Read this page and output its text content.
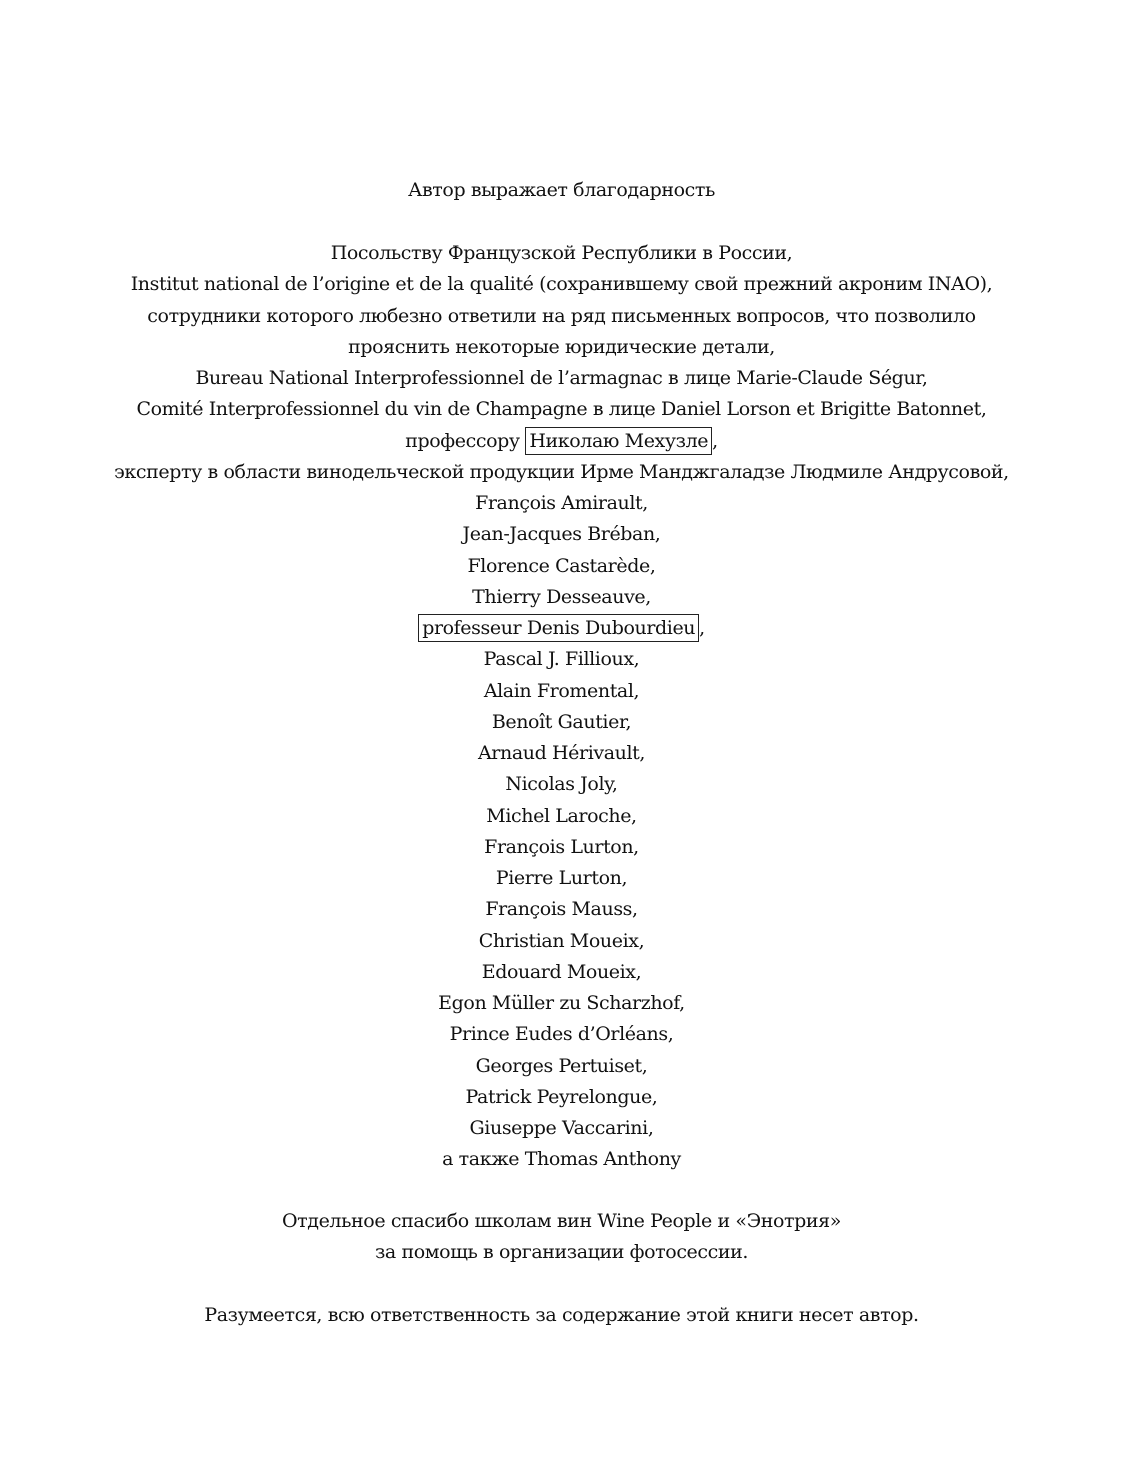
Автор выражает благодарность
Посольству Французской Республики в России,
Institut national de l’origine et de la qualité (сохранившему свой прежний акроним INAO),
сотрудники которого любезно ответили на ряд письменных вопросов, что позволило
прояснить некоторые юридические детали,
Bureau National Interprofessionnel de l’armagnac в лице Marie-Claude Ségur,
Comité Interprofessionnel du vin de Champagne в лице Daniel Lorson et Brigitte Batonnet,
профессору Николаю Мехузле ,
эксперту в области винодельческой продукции Ирме Манджгаладзе Людмиле Андрусовой,
François Amirault,
Jean-Jacques Bréban,
Florence Castarède,
Thierry Desseauve,
professeur Denis Dubourdieu ,
Pascal J. Fillioux,
Alain Fromental,
Benoît Gautier,
Arnaud Hérivault,
Nicolas Joly,
Michel Laroche,
François Lurton,
Pierre Lurton,
François Mauss,
Christian Moueix,
Edouard Moueix,
Egon Müller zu Scharzhof,
Prince Eudes d’Orléans,
Georges Pertuiset,
Patrick Peyrelongue,
Giuseppe Vaccarini,
а также Thomas Anthony
Отдельное спасибо школам вин Wine People и «Энотрия»
за помощь в организации фотосессии.
Разумеется, всю ответственность за содержание этой книги несет автор.
